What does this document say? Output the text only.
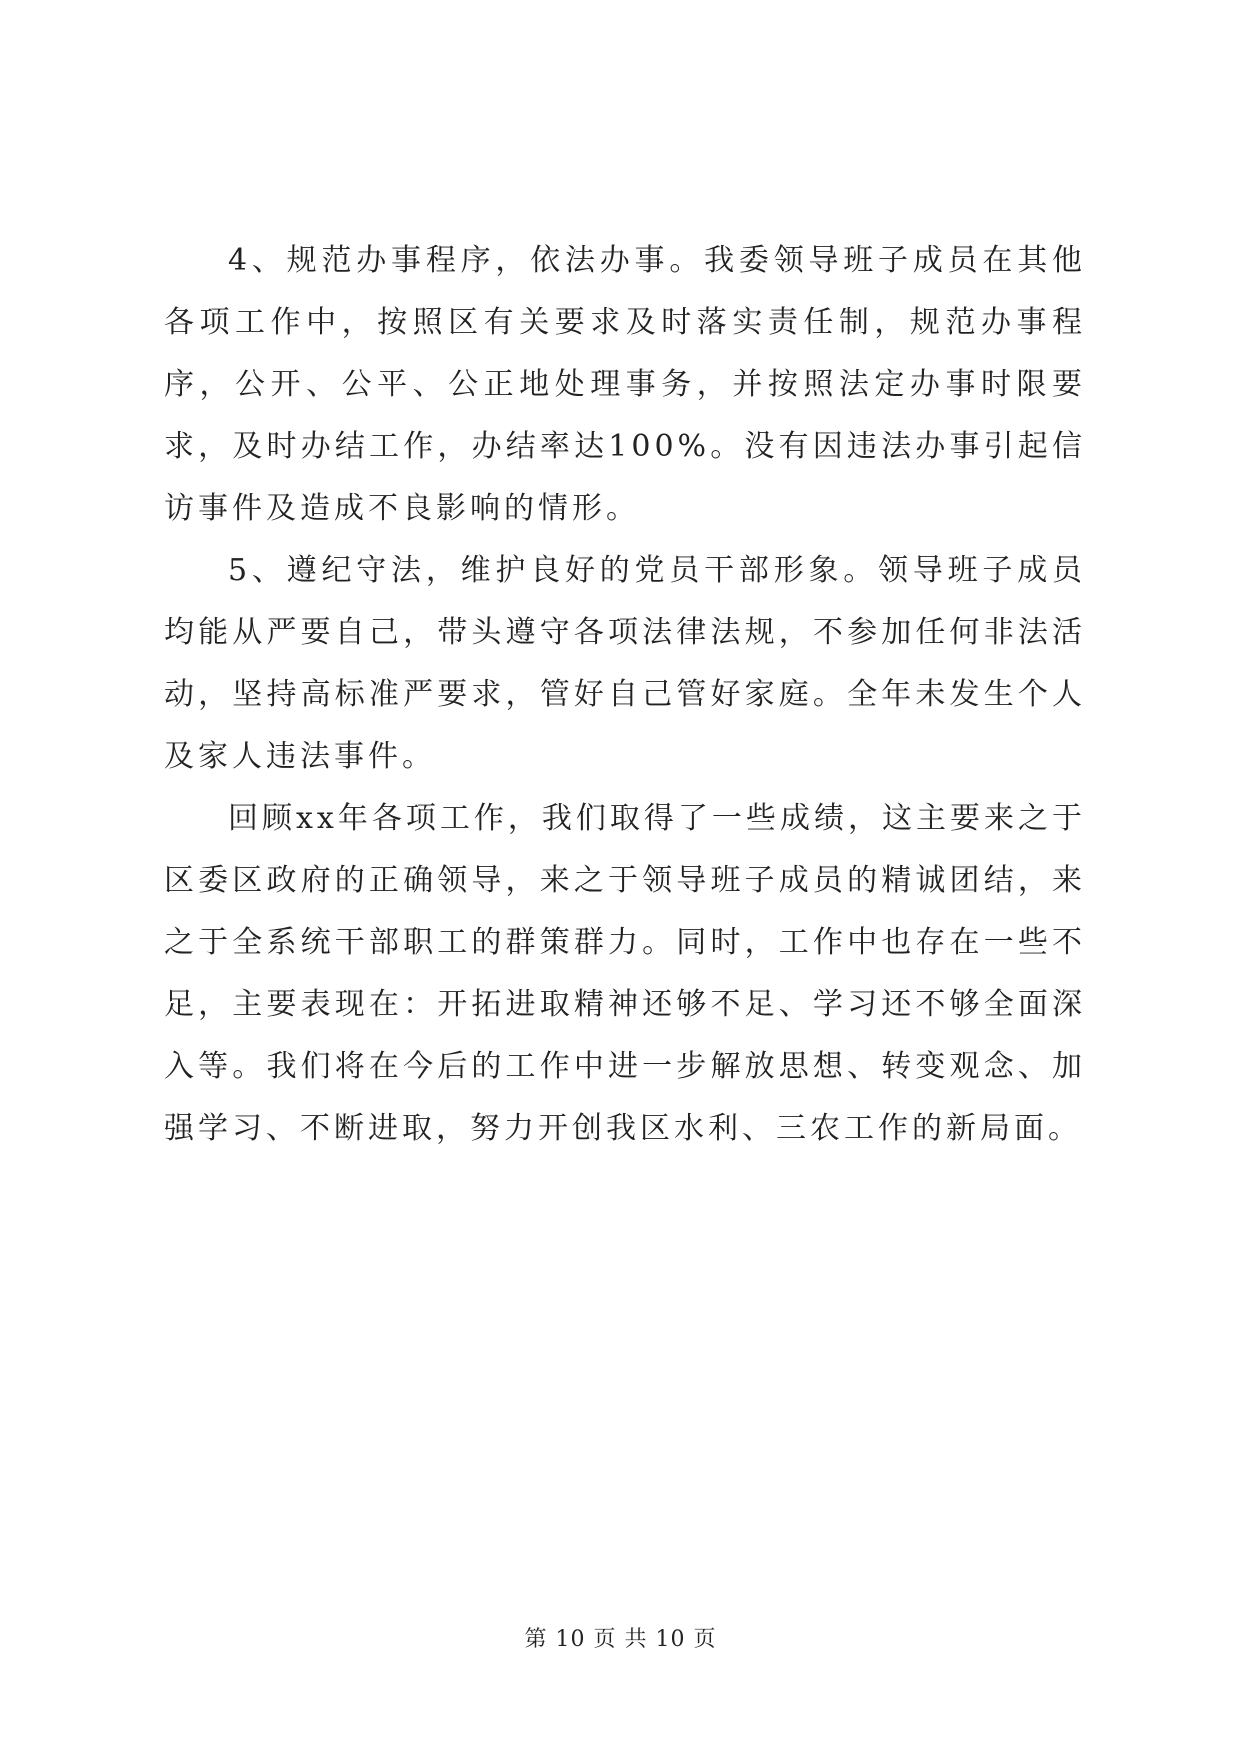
4、规范办事程序，依法办事。我委领导班子成员在其他各项工作中，按照区有关要求及时落实责任制，规范办事程序，公开、公平、公正地处理事务，并按照法定办事时限要求，及时办结工作，办结率达100%。没有因违法办事引起信访事件及造成不良影响的情形。

5、遵纪守法，维护良好的党员干部形象。领导班子成员均能从严要自己，带头遵守各项法律法规，不参加任何非法活动，坚持高标准严要求，管好自己管好家庭。全年未发生个人及家人违法事件。

回顾xx年各项工作，我们取得了一些成绩，这主要来之于区委区政府的正确领导，来之于领导班子成员的精诚团结，来之于全系统干部职工的群策群力。同时，工作中也存在一些不足，主要表现在：开拓进取精神还够不足、学习还不够全面深入等。我们将在今后的工作中进一步解放思想、转变观念、加强学习、不断进取，努力开创我区水利、三农工作的新局面。

第 10 页 共 10 页
